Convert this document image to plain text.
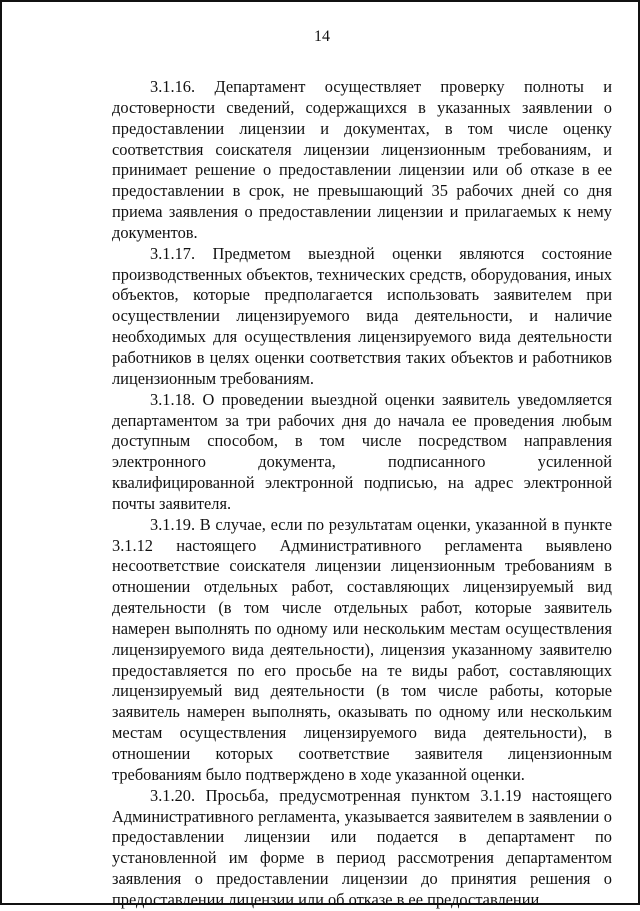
14

3.1.16. Департамент осуществляет проверку полноты и достоверности сведений, содержащихся в указанных заявлении о предоставлении лицензии и документах, в том числе оценку соответствия соискателя лицензии лицензионным требованиям, и принимает решение о предоставлении лицензии или об отказе в ее предоставлении в срок, не превышающий 35 рабочих дней со дня приема заявления о предоставлении лицензии и прилагаемых к нему документов.

3.1.17. Предметом выездной оценки являются состояние производственных объектов, технических средств, оборудования, иных объектов, которые предполагается использовать заявителем при осуществлении лицензируемого вида деятельности, и наличие необходимых для осуществления лицензируемого вида деятельности работников в целях оценки соответствия таких объектов и работников лицензионным требованиям.

3.1.18. О проведении выездной оценки заявитель уведомляется департаментом за три рабочих дня до начала ее проведения любым доступным способом, в том числе посредством направления электронного документа, подписанного усиленной квалифицированной электронной подписью, на адрес электронной почты заявителя.

3.1.19. В случае, если по результатам оценки, указанной в пункте 3.1.12 настоящего Административного регламента выявлено несоответствие соискателя лицензии лицензионным требованиям в отношении отдельных работ, составляющих лицензируемый вид деятельности (в том числе отдельных работ, которые заявитель намерен выполнять по одному или нескольким местам осуществления лицензируемого вида деятельности), лицензия указанному заявителю предоставляется по его просьбе на те виды работ, составляющих лицензируемый вид деятельности (в том числе работы, которые заявитель намерен выполнять, оказывать по одному или нескольким местам осуществления лицензируемого вида деятельности), в отношении которых соответствие заявителя лицензионным требованиям было подтверждено в ходе указанной оценки.

3.1.20. Просьба, предусмотренная пунктом 3.1.19 настоящего Административного регламента, указывается заявителем в заявлении о предоставлении лицензии или подается в департамент по установленной им форме в период рассмотрения департаментом заявления о предоставлении лицензии до принятия решения о предоставлении лицензии или об отказе в ее предоставлении.
